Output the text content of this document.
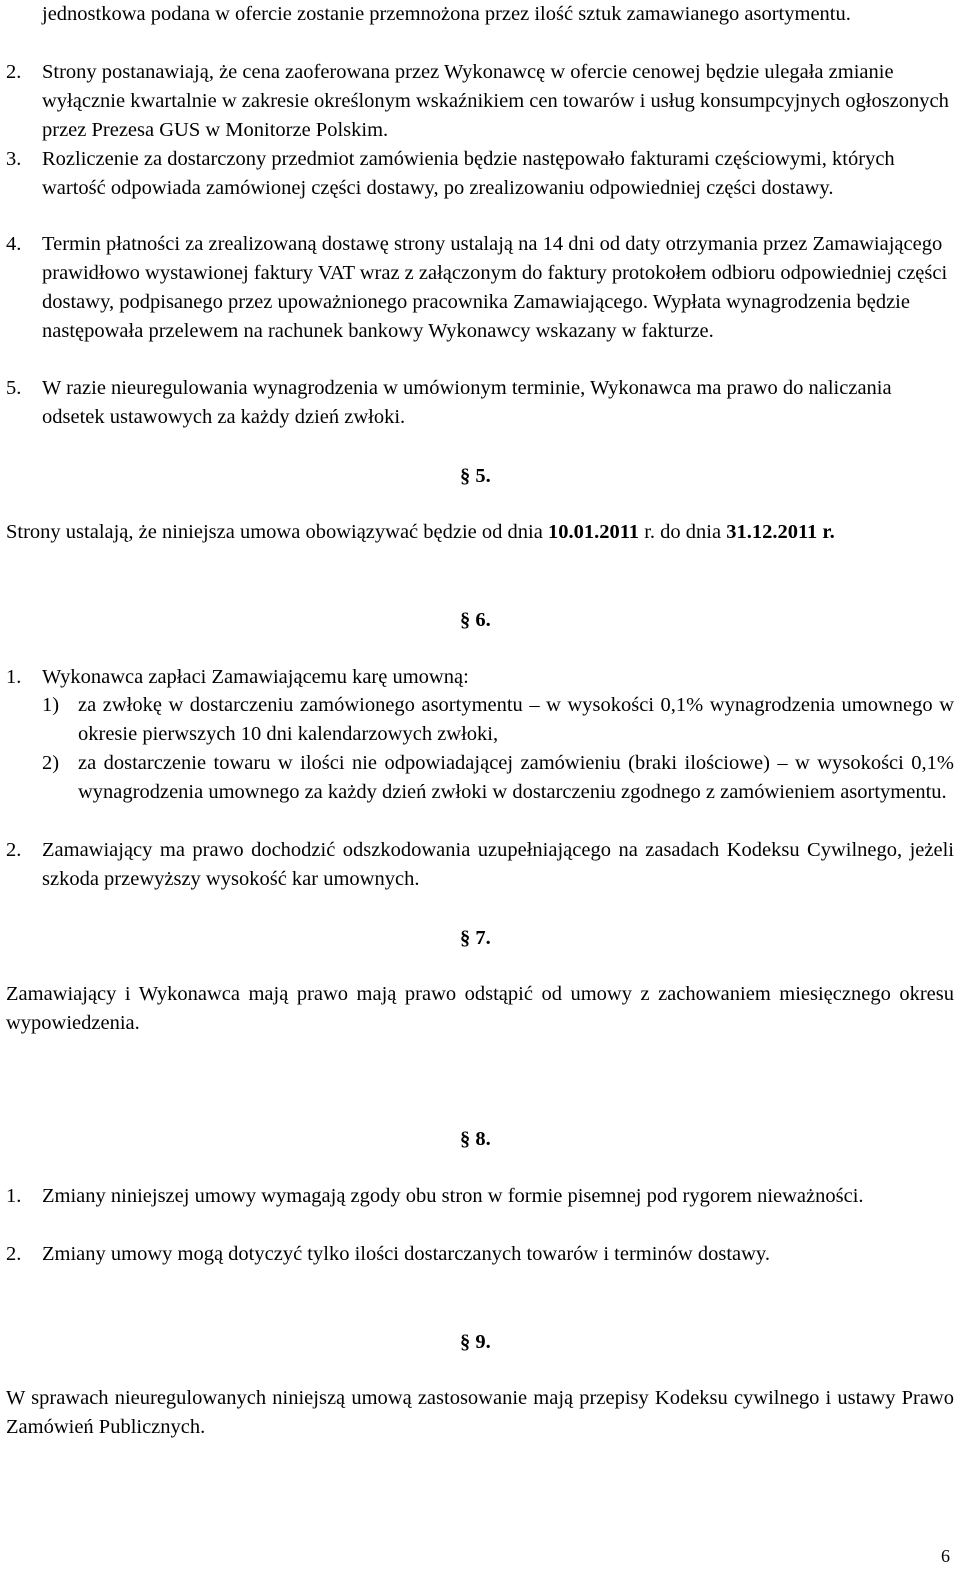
jednostkowa podana w ofercie zostanie przemnożona przez ilość sztuk zamawianego asortymentu.
2. Strony postanawiają, że cena zaoferowana przez Wykonawcę w ofercie cenowej będzie ulegała zmianie wyłącznie kwartalnie w zakresie określonym wskaźnikiem cen towarów i usług konsumpcyjnych ogłoszonych przez Prezesa GUS w Monitorze Polskim.
3. Rozliczenie za dostarczony przedmiot zamówienia będzie następowało fakturami częściowymi, których wartość odpowiada zamówionej części dostawy, po zrealizowaniu odpowiedniej części dostawy.
4. Termin płatności za zrealizowaną dostawę strony ustalają na 14 dni od daty otrzymania przez Zamawiającego prawidłowo wystawionej faktury VAT wraz z załączonym do faktury protokołem odbioru odpowiedniej części dostawy, podpisanego przez upoważnionego pracownika Zamawiającego. Wypłata wynagrodzenia będzie następowała przelewem na rachunek bankowy Wykonawcy wskazany w fakturze.
5. W razie nieuregulowania wynagrodzenia w umówionym terminie, Wykonawca ma prawo do naliczania odsetek ustawowych za każdy dzień zwłoki.
§ 5.
Strony ustalają, że niniejsza umowa obowiązywać będzie od dnia 10.01.2011 r. do dnia 31.12.2011 r.
§ 6.
1. Wykonawca zapłaci Zamawiającemu karę umowną:
1) za zwłokę w dostarczeniu zamówionego asortymentu – w wysokości 0,1% wynagrodzenia umownego w okresie pierwszych 10 dni kalendarzowych zwłoki,
2) za dostarczenie towaru w ilości nie odpowiadającej zamówieniu (braki ilościowe) – w wysokości 0,1% wynagrodzenia umownego za każdy dzień zwłoki w dostarczeniu zgodnego z zamówieniem asortymentu.
2. Zamawiający ma prawo dochodzić odszkodowania uzupełniającego na zasadach Kodeksu Cywilnego, jeżeli szkoda przewyższy wysokość kar umownych.
§ 7.
Zamawiający i Wykonawca mają prawo mają prawo odstąpić od umowy z zachowaniem miesięcznego okresu wypowiedzenia.
§ 8.
1. Zmiany niniejszej umowy wymagają zgody obu stron w formie pisemnej pod rygorem nieważności.
2. Zmiany umowy mogą dotyczyć tylko ilości dostarczanych towarów i terminów dostawy.
§ 9.
W sprawach nieuregulowanych niniejszą umową zastosowanie mają przepisy Kodeksu cywilnego i ustawy Prawo Zamówień Publicznych.
6
